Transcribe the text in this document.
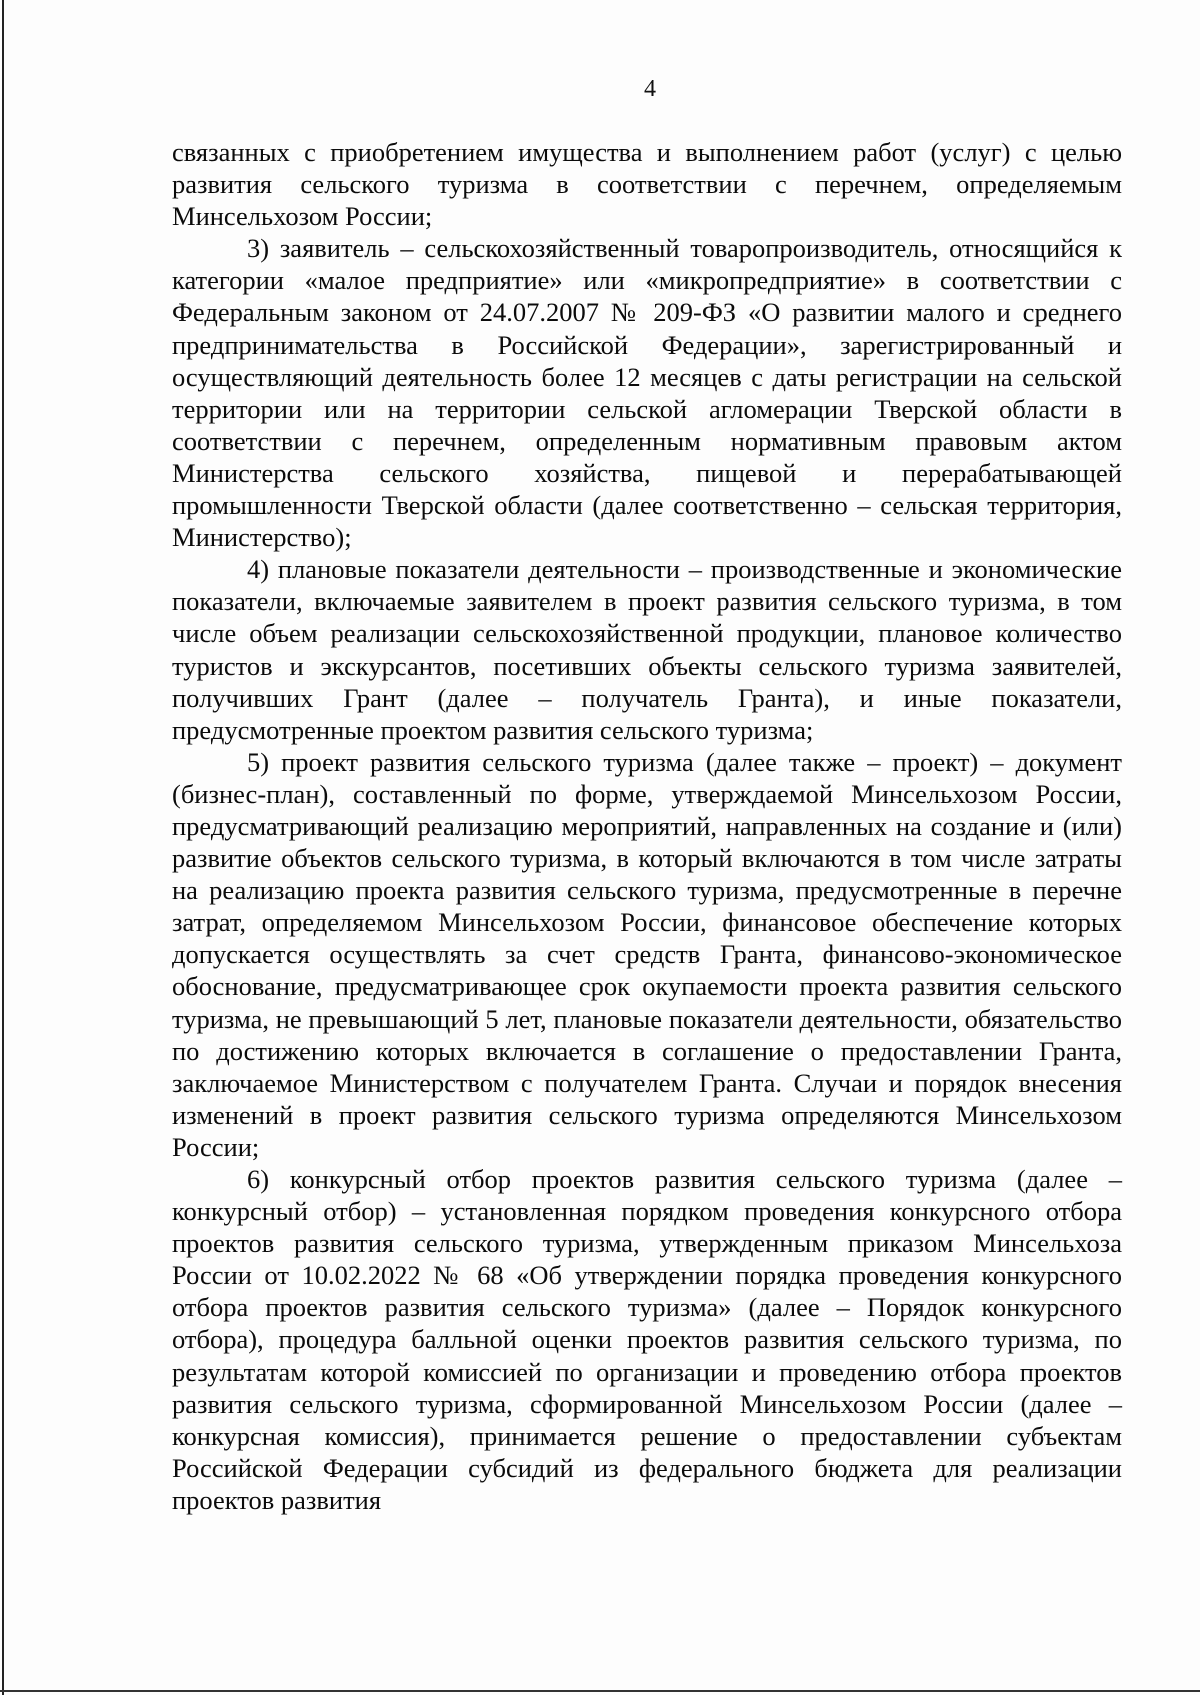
4

связанных с приобретением имущества и выполнением работ (услуг) с целью развития сельского туризма в соответствии с перечнем, определяемым Минсельхозом России;

3) заявитель – сельскохозяйственный товаропроизводитель, относящийся к категории «малое предприятие» или «микропредприятие» в соответствии с Федеральным законом от 24.07.2007 № 209-ФЗ «О развитии малого и среднего предпринимательства в Российской Федерации», зарегистрированный и осуществляющий деятельность более 12 месяцев с даты регистрации на сельской территории или на территории сельской агломерации Тверской области в соответствии с перечнем, определенным нормативным правовым актом Министерства сельского хозяйства, пищевой и перерабатывающей промышленности Тверской области (далее соответственно – сельская территория, Министерство);

4) плановые показатели деятельности – производственные и экономические показатели, включаемые заявителем в проект развития сельского туризма, в том числе объем реализации сельскохозяйственной продукции, плановое количество туристов и экскурсантов, посетивших объекты сельского туризма заявителей, получивших Грант (далее – получатель Гранта), и иные показатели, предусмотренные проектом развития сельского туризма;

5) проект развития сельского туризма (далее также – проект) – документ (бизнес-план), составленный по форме, утверждаемой Минсельхозом России, предусматривающий реализацию мероприятий, направленных на создание и (или) развитие объектов сельского туризма, в который включаются в том числе затраты на реализацию проекта развития сельского туризма, предусмотренные в перечне затрат, определяемом Минсельхозом России, финансовое обеспечение которых допускается осуществлять за счет средств Гранта, финансово-экономическое обоснование, предусматривающее срок окупаемости проекта развития сельского туризма, не превышающий 5 лет, плановые показатели деятельности, обязательство по достижению которых включается в соглашение о предоставлении Гранта, заключаемое Министерством с получателем Гранта. Случаи и порядок внесения изменений в проект развития сельского туризма определяются Минсельхозом России;

6) конкурсный отбор проектов развития сельского туризма (далее – конкурсный отбор) – установленная порядком проведения конкурсного отбора проектов развития сельского туризма, утвержденным приказом Минсельхоза России от 10.02.2022 № 68 «Об утверждении порядка проведения конкурсного отбора проектов развития сельского туризма» (далее – Порядок конкурсного отбора), процедура балльной оценки проектов развития сельского туризма, по результатам которой комиссией по организации и проведению отбора проектов развития сельского туризма, сформированной Минсельхозом России (далее – конкурсная комиссия), принимается решение о предоставлении субъектам Российской Федерации субсидий из федерального бюджета для реализации проектов развития
